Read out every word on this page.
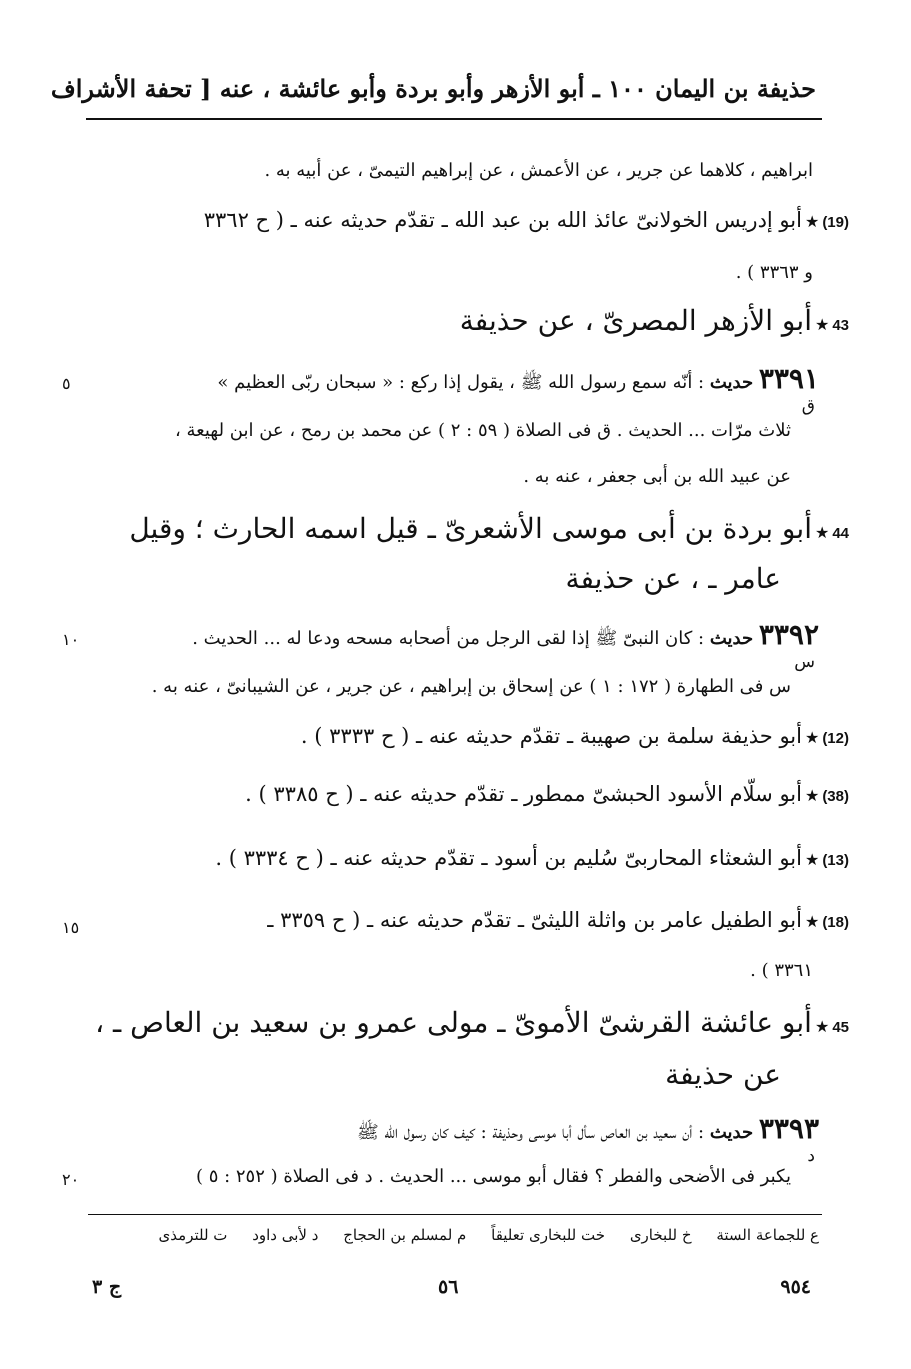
حذيفة بن اليمان ١٠٠ ـ أبو الأزهر وأبو بردة وأبو عائشة ، عنه [ تحفة الأشراف
ابراهيم ، كلاهما عن جرير ، عن الأعمش ، عن إبراهيم التيمىّ ، عن أبيه به .
(19)★أبو إدريس الخولانىّ عائذ الله بن عبد الله ـ تقدّم حديثه عنه ـ ( ح ٣٣٦٢
و ٣٣٦٣ ) .
43★أبو الأزهر المصرىّ ، عن حذيفة
٣٣٩١ حديث : أنّه سمع رسول الله ﷺ ، يقول إذا ركع : « سبحان ربّى العظيم »
٥
ق
ثلاث مرّات ... الحديث . ق فى الصلاة ( ٥٩ : ٢ ) عن محمد بن رمح ، عن ابن لهيعة ،
عن عبيد الله بن أبى جعفر ، عنه به .
44★أبو بردة بن أبى موسى الأشعرىّ ـ قيل اسمه الحارث ؛ وقيل
عامر ـ ، عن حذيفة
٣٣٩٢ حديث : كان النبىّ ﷺ إذا لقى الرجل من أصحابه مسحه ودعا له ... الحديث .
١٠
س
س فى الطهارة ( ١٧٢ : ١ ) عن إسحاق بن إبراهيم ، عن جرير ، عن الشيبانىّ ، عنه به .
(12)★أبو حذيفة سلمة بن صهيبة ـ تقدّم حديثه عنه ـ ( ح ٣٣٣٣ ) .
(38)★أبو سلّام الأسود الحبشىّ ممطور ـ تقدّم حديثه عنه ـ ( ح ٣٣٨٥ ) .
(13)★أبو الشعثاء المحاربىّ سُليم بن أسود ـ تقدّم حديثه عنه ـ ( ح ٣٣٣٤ ) .
(18)★أبو الطفيل عامر بن واثلة الليثىّ ـ تقدّم حديثه عنه ـ ( ح ٣٣٥٩ ـ
١٥
٣٣٦١ ) .
45★أبو عائشة القرشىّ الأموىّ ـ مولى عمرو بن سعيد بن العاص ـ ،
عن حذيفة
٣٣٩٣ حديث : أن سعيد بن العاص سأل أبا موسى وحذيفة : كيف كان رسول الله ﷺ
د
يكبر فى الأضحى والفطر ؟ فقال أبو موسى ... الحديث . د فى الصلاة ( ٢٥٢ : ٥ )
٢٠
ع للجماعة الستة خ للبخارى خت للبخارى تعليقاً م لمسلم بن الحجاج د لأبى داود ت للترمذى
٩٥٤
٥٦
ج ٣
